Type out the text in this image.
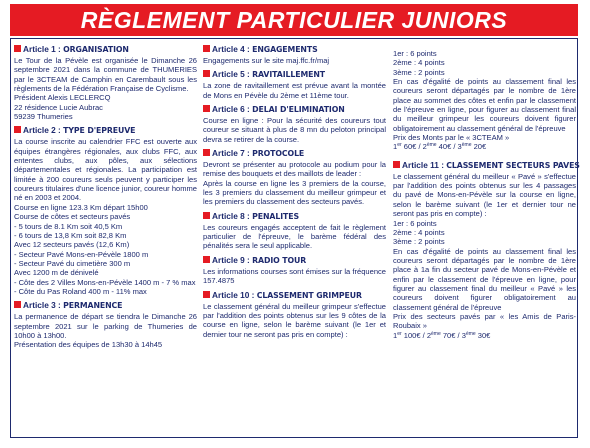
RÈGLEMENT PARTICULIER JUNIORS
Article 1 : ORGANISATION
Le Tour de la Pévèle est organisée le Dimanche 26 septembre 2021 dans la commune de THUMERIES par le 3CTEAM de Camphin en Carembault sous les règlements de la Fédération Française de Cyclisme.
Président Alexis LECLERCQ
22 résidence Lucie Aubrac
59239 Thumeries
Article 2 : TYPE D'EPREUVE
La course inscrite au calendrier FFC est ouverte aux équipes étrangères régionales, aux clubs FFC, aux ententes clubs, aux pôles, aux sélections départementales et régionales. La participation est limitée à 200 coureurs seuls peuvent y participer les coureurs titulaires d'une licence junior, coureur homme né en 2003 et 2004.
Course en ligne 123.3 Km départ 15h00
Course de côtes et secteurs pavés
- 5 tours de 8.1 Km soit 40,5 Km
- 6 tours de 13,8 Km soit 82,8 Km
Avec 12 secteurs pavés (12,6 Km)
- Secteur Pavé Mons-en-Pévèle 1800 m
- Secteur Pavé du cimetière 300 m
Avec 1200 m de dénivelé
- Côte des 2 Villes Mons-en-Pévèle 1400 m - 7 % max
- Côte du Pas Roland 400 m - 11% max
Article 3 : PERMANENCE
La permanence de départ se tiendra le Dimanche 26 septembre 2021 sur le parking de Thumeries de 10h00 à 13h00.
Présentation des équipes de 13h30 à 14h45
Article 4 : ENGAGEMENTS
Engagements sur le site maj.ffc.fr/maj
Article 5 : RAVITAILLEMENT
La zone de ravitaillement est prévue avant la montée de Mons en Pévèle du 2ème et 11ème tour.
Article 6 : DELAI D'ELIMINATION
Course en ligne : Pour la sécurité des coureurs tout coureur se situant à plus de 8 mn du peloton principal devra se retirer de la course.
Article 7 : PROTOCOLE
Devront se présenter au protocole au podium pour la remise des bouquets et des maillots de leader :
Après la course en ligne les 3 premiers de la course, les 3 premiers du classement du meilleur grimpeur et les premiers du classement des secteurs pavés.
Article 8 : PENALITES
Les coureurs engagés acceptent de fait le règlement particulier de l'épreuve, le barème fédéral des pénalités sera le seul applicable.
Article 9 : RADIO TOUR
Les informations courses sont émises sur la fréquence 157.4875
Article 10 : CLASSEMENT GRIMPEUR
Le classement général du meilleur grimpeur s'effectue par l'addition des points obtenus sur les 9 côtes de la course en ligne, selon le barème suivant (le 1er et dernier tour ne seront pas pris en compte) :
1er : 6 points
2ème : 4 points
3ème : 2 points
En cas d'égalité de points au classement final les coureurs seront départagés par le nombre de 1ère place au sommet des côtes et enfin par le classement de l'épreuve en ligne, pour figurer au classement final du meilleur grimpeur les coureurs doivent figurer obligatoirement au classement général de l'épreuve
Prix des Monts par le « 3CTEAM »
1er 60€ / 2ème 40€ / 3ème 20€
Article 11 : CLASSEMENT SECTEURS PAVES
Le classement général du meilleur « Pavé » s'effectue par l'addition des points obtenus sur les 4 passages du pavé de Mons-en-Pévèle sur la course en ligne, selon le barème suivant (le 1er et dernier tour ne seront pas pris en compte) :
1er : 6 points
2ème : 4 points
3ème : 2 points
En cas d'égalité de points au classement final les coureurs seront départagés par le nombre de 1ère place à 1a fin du secteur pavé de Mons-en-Pévèle et enfin par le classement de l'épreuve en ligne, pour figurer au classement final du meilleur « Pavé » les coureurs doivent figurer obligatoirement au classement général de l'épreuve
Prix des secteurs pavés par « les Amis de Paris-Roubaix »
1er 100€ / 2ème 70€ / 3ème 30€
